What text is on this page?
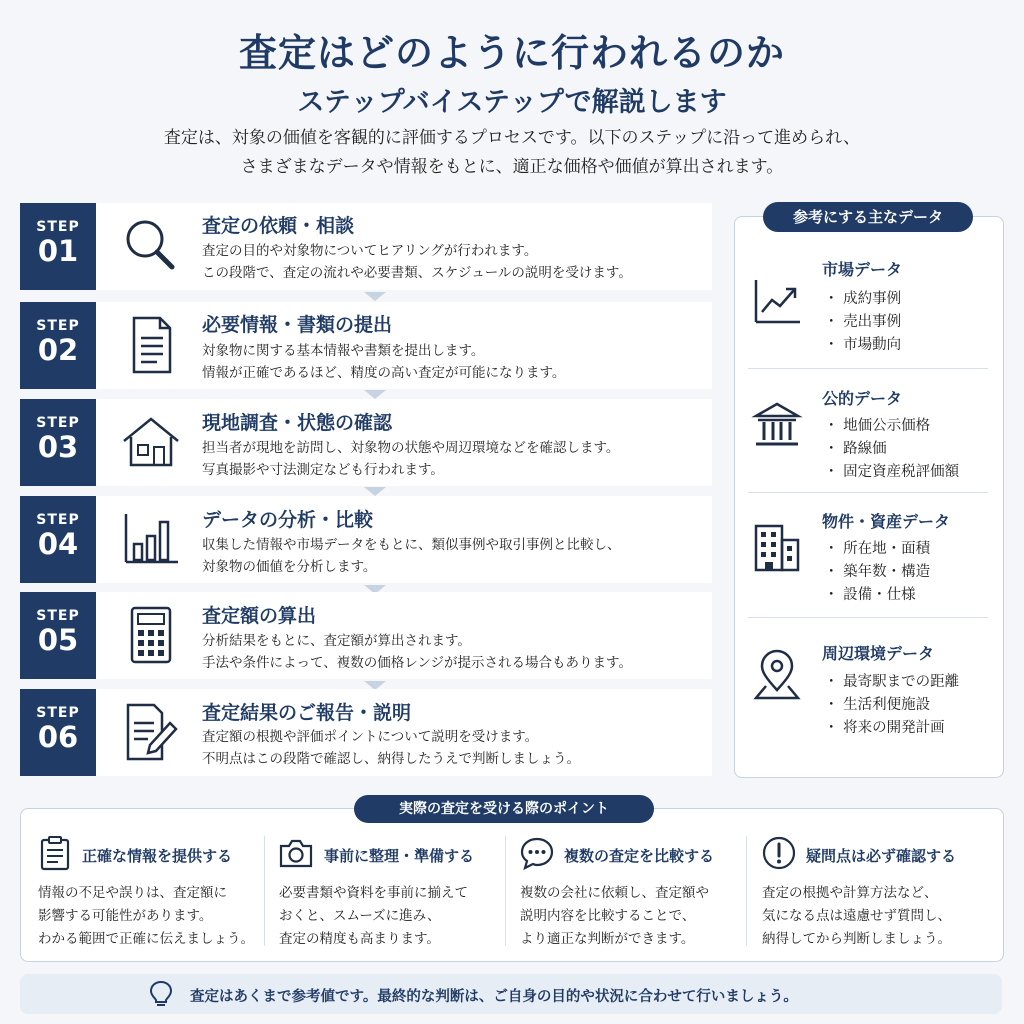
査定はどのように行われるのか
ステップバイステップで解説します
査定は、対象の価値を客観的に評価するプロセスです。以下のステップに沿って進められ、
さまざまなデータや情報をもとに、適正な価格や価値が算出されます。
STEP
01
査定の依頼・相談
査定の目的や対象物についてヒアリングが行われます。
この段階で、査定の流れや必要書類、スケジュールの説明を受けます。
STEP
02
必要情報・書類の提出
対象物に関する基本情報や書類を提出します。
情報が正確であるほど、精度の高い査定が可能になります。
STEP
03
現地調査・状態の確認
担当者が現地を訪問し、対象物の状態や周辺環境などを確認します。
写真撮影や寸法測定なども行われます。
STEP
04
データの分析・比較
収集した情報や市場データをもとに、類似事例や取引事例と比較し、
対象物の価値を分析します。
STEP
05
査定額の算出
分析結果をもとに、査定額が算出されます。
手法や条件によって、複数の価格レンジが提示される場合もあります。
STEP
06
査定結果のご報告・説明
査定額の根拠や評価ポイントについて説明を受けます。
不明点はこの段階で確認し、納得したうえで判断しましょう。
参考にする主なデータ
市場データ
・ 成約事例
・ 売出事例
・ 市場動向
公的データ
・ 地価公示価格
・ 路線価
・ 固定資産税評価額
物件・資産データ
・ 所在地・面積
・ 築年数・構造
・ 設備・仕様
周辺環境データ
・ 最寄駅までの距離
・ 生活利便施設
・ 将来の開発計画
実際の査定を受ける際のポイント
正確な情報を提供する
情報の不足や誤りは、査定額に
影響する可能性があります。
わかる範囲で正確に伝えましょう。
事前に整理・準備する
必要書類や資料を事前に揃えて
おくと、スムーズに進み、
査定の精度も高まります。
複数の査定を比較する
複数の会社に依頼し、査定額や
説明内容を比較することで、
より適正な判断ができます。
疑問点は必ず確認する
査定の根拠や計算方法など、
気になる点は遠慮せず質問し、
納得してから判断しましょう。
査定はあくまで参考値です。最終的な判断は、ご自身の目的や状況に合わせて行いましょう。
